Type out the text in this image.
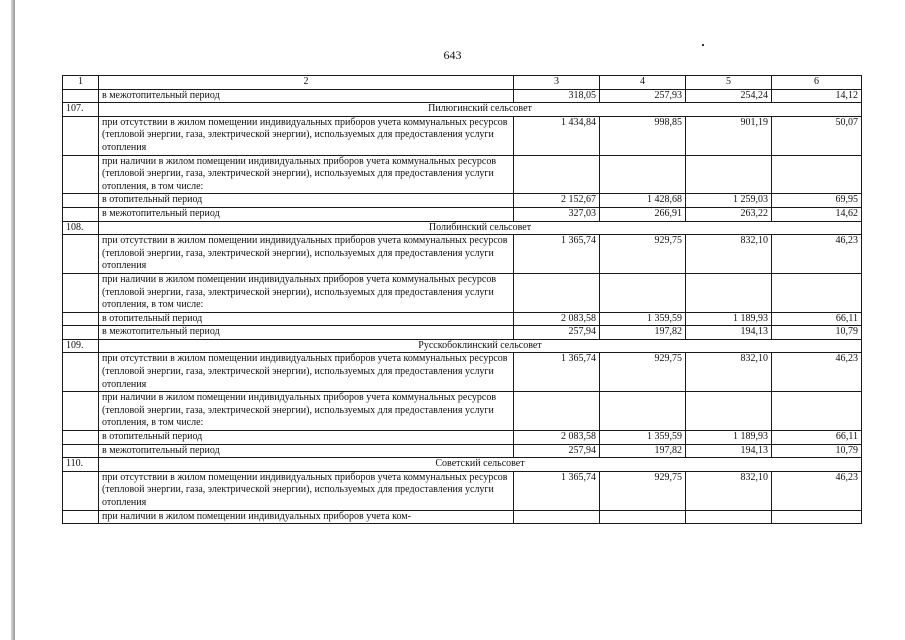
643
1	2	3	4	5	6
	в межотопительный период	318,05	257,93	254,24	14,12
107.	Пилюгинский сельсовет				
	при отсутствии в жилом помещении индивидуальных приборов учета коммунальных ресурсов (тепловой энергии, газа, электрической энергии), используемых для предоставления услуги отопления	1 434,84	998,85	901,19	50,07
	при наличии в жилом помещении индивидуальных приборов учета коммунальных ресурсов (тепловой энергии, газа, электрической энергии), используемых для предоставления услуги отопления, в том числе:				
	в отопительный период	2 152,67	1 428,68	1 259,03	69,95
	в межотопительный период	327,03	266,91	263,22	14,62
108.	Полибинский сельсовет				
	при отсутствии в жилом помещении индивидуальных приборов учета коммунальных ресурсов (тепловой энергии, газа, электрической энергии), используемых для предоставления услуги отопления	1 365,74	929,75	832,10	46,23
	при наличии в жилом помещении индивидуальных приборов учета коммунальных ресурсов (тепловой энергии, газа, электрической энергии), используемых для предоставления услуги отопления, в том числе:				
	в отопительный период	2 083,58	1 359,59	1 189,93	66,11
	в межотопительный период	257,94	197,82	194,13	10,79
109.	Русскобоклинский сельсовет				
	при отсутствии в жилом помещении индивидуальных приборов учета коммунальных ресурсов (тепловой энергии, газа, электрической энергии), используемых для предоставления услуги отопления	1 365,74	929,75	832,10	46,23
	при наличии в жилом помещении индивидуальных приборов учета коммунальных ресурсов (тепловой энергии, газа, электрической энергии), используемых для предоставления услуги отопления, в том числе:				
	в отопительный период	2 083,58	1 359,59	1 189,93	66,11
	в межотопительный период	257,94	197,82	194,13	10,79
110.	Советский сельсовет				
	при отсутствии в жилом помещении индивидуальных приборов учета коммунальных ресурсов (тепловой энергии, газа, электрической энергии), используемых для предоставления услуги отопления	1 365,74	929,75	832,10	46,23
	при наличии в жилом помещении индивидуальных приборов учета ком-				
